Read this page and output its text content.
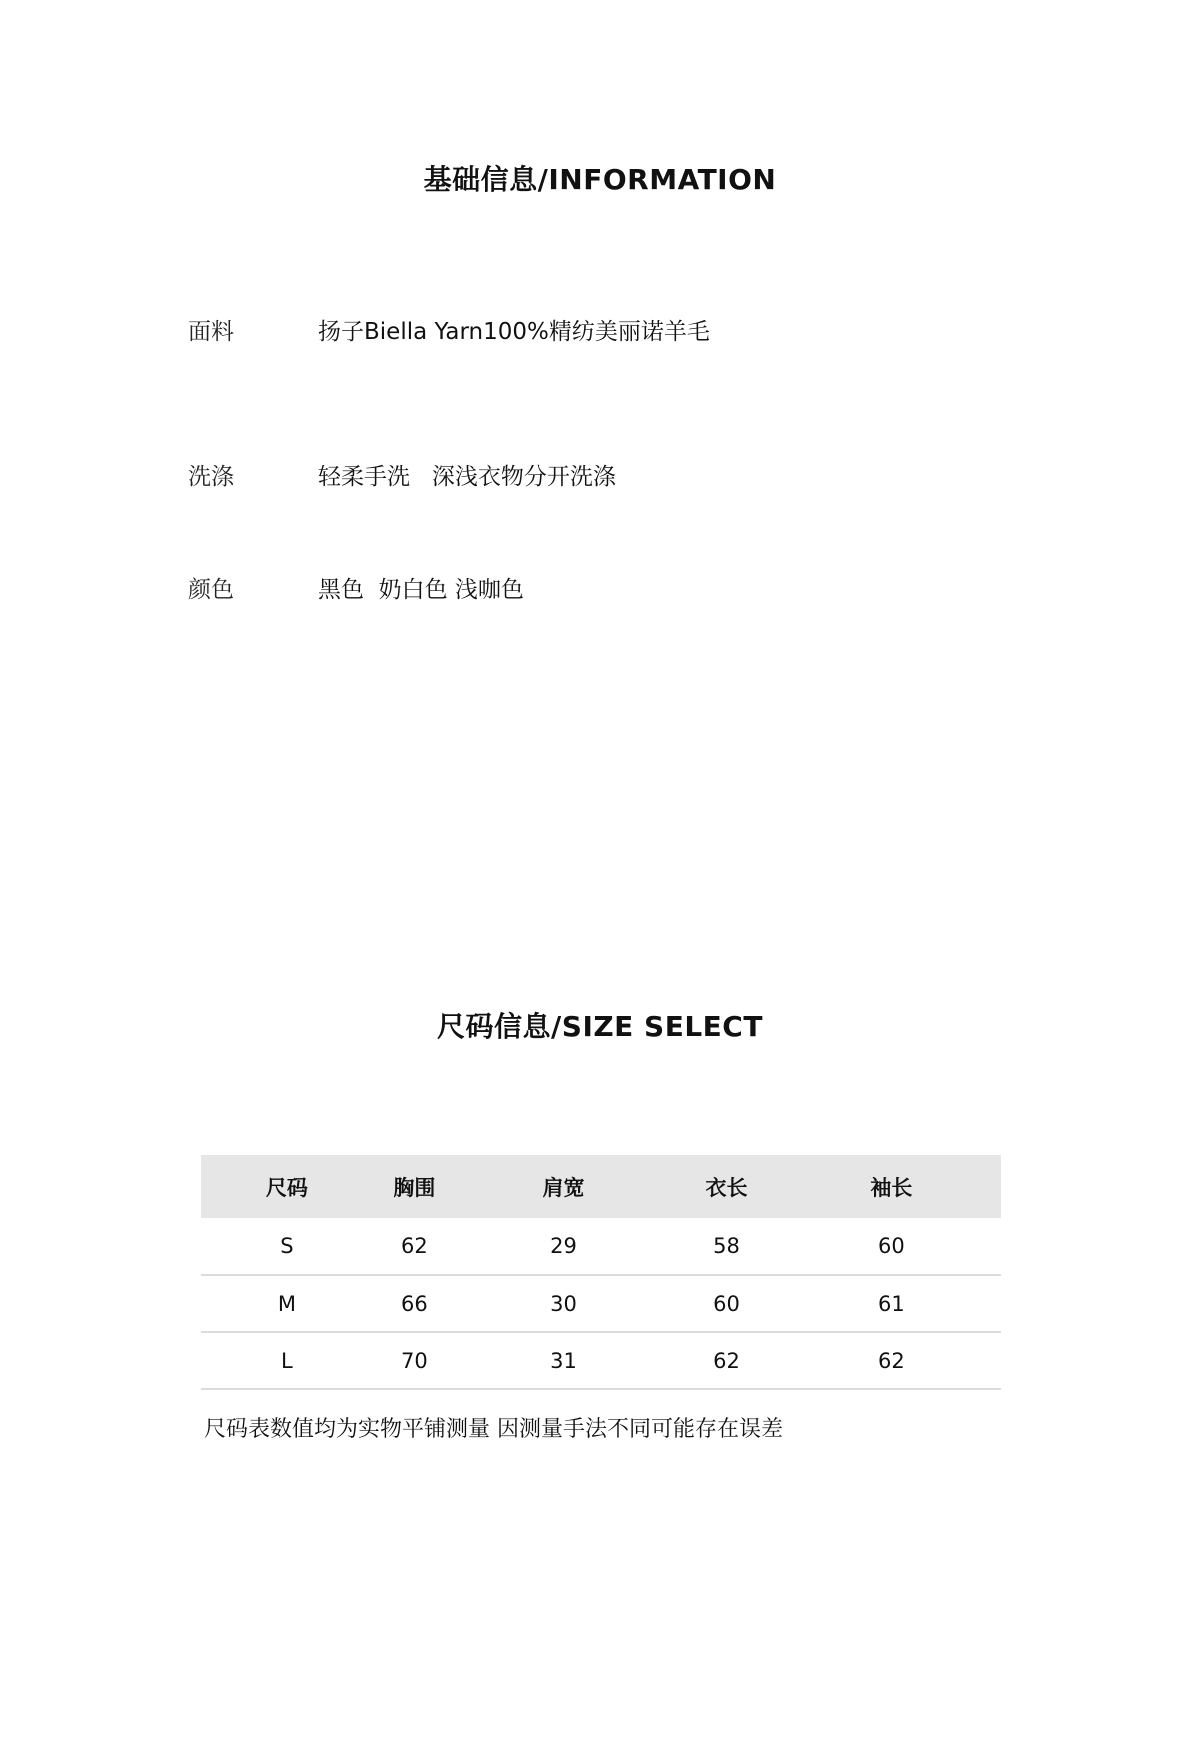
基础信息/INFORMATION
面料	扬子Biella Yarn100%精纺美丽诺羊毛
洗涤	轻柔手洗   深浅衣物分开洗涤
颜色	黑色  奶白色 浅咖色
尺码信息/SIZE SELECT
尺码	胸围	肩宽	衣长	袖长
S	62	29	58	60
M	66	30	60	61
L	70	31	62	62
尺码表数值均为实物平铺测量 因测量手法不同可能存在误差
